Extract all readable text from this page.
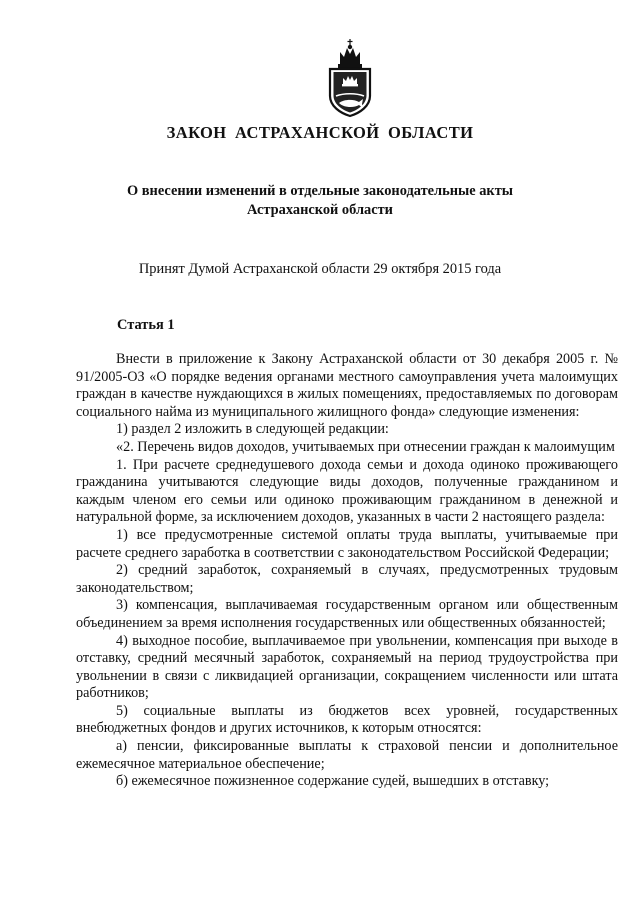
ЗАКОН АСТРАХАНСКОЙ ОБЛАСТИ
О внесении изменений в отдельные законодательные акты
Астраханской области
Принят Думой Астраханской области 29 октября 2015 года
Статья 1

Внести в приложение к Закону Астраханской области от 30 декабря 2005 г. № 91/2005-ОЗ «О порядке ведения органами местного самоуправления учета малоимущих граждан в качестве нуждающихся в жилых помещениях, предоставляемых по договорам социального найма из муниципального жилищного фонда» следующие изменения:

1) раздел 2 изложить в следующей редакции:

«2. Перечень видов доходов, учитываемых при отнесении граждан к малоимущим

1. При расчете среднедушевого дохода семьи и дохода одиноко проживающего гражданина учитываются следующие виды доходов, полученные гражданином и каждым членом его семьи или одиноко проживающим гражданином в денежной и натуральной форме, за исключением доходов, указанных в части 2 настоящего раздела:

1) все предусмотренные системой оплаты труда выплаты, учитываемые при расчете среднего заработка в соответствии с законодательством Российской Федерации;

2) средний заработок, сохраняемый в случаях, предусмотренных трудовым законодательством;

3) компенсация, выплачиваемая государственным органом или общественным объединением за время исполнения государственных или общественных обязанностей;

4) выходное пособие, выплачиваемое при увольнении, компенсация при выходе в отставку, средний месячный заработок, сохраняемый на период трудоустройства при увольнении в связи с ликвидацией организации, сокращением численности или штата работников;

5) социальные выплаты из бюджетов всех уровней, государственных внебюджетных фондов и других источников, к которым относятся:

а) пенсии, фиксированные выплаты к страховой пенсии и дополнительное ежемесячное материальное обеспечение;

б) ежемесячное пожизненное содержание судей, вышедших в отставку;
